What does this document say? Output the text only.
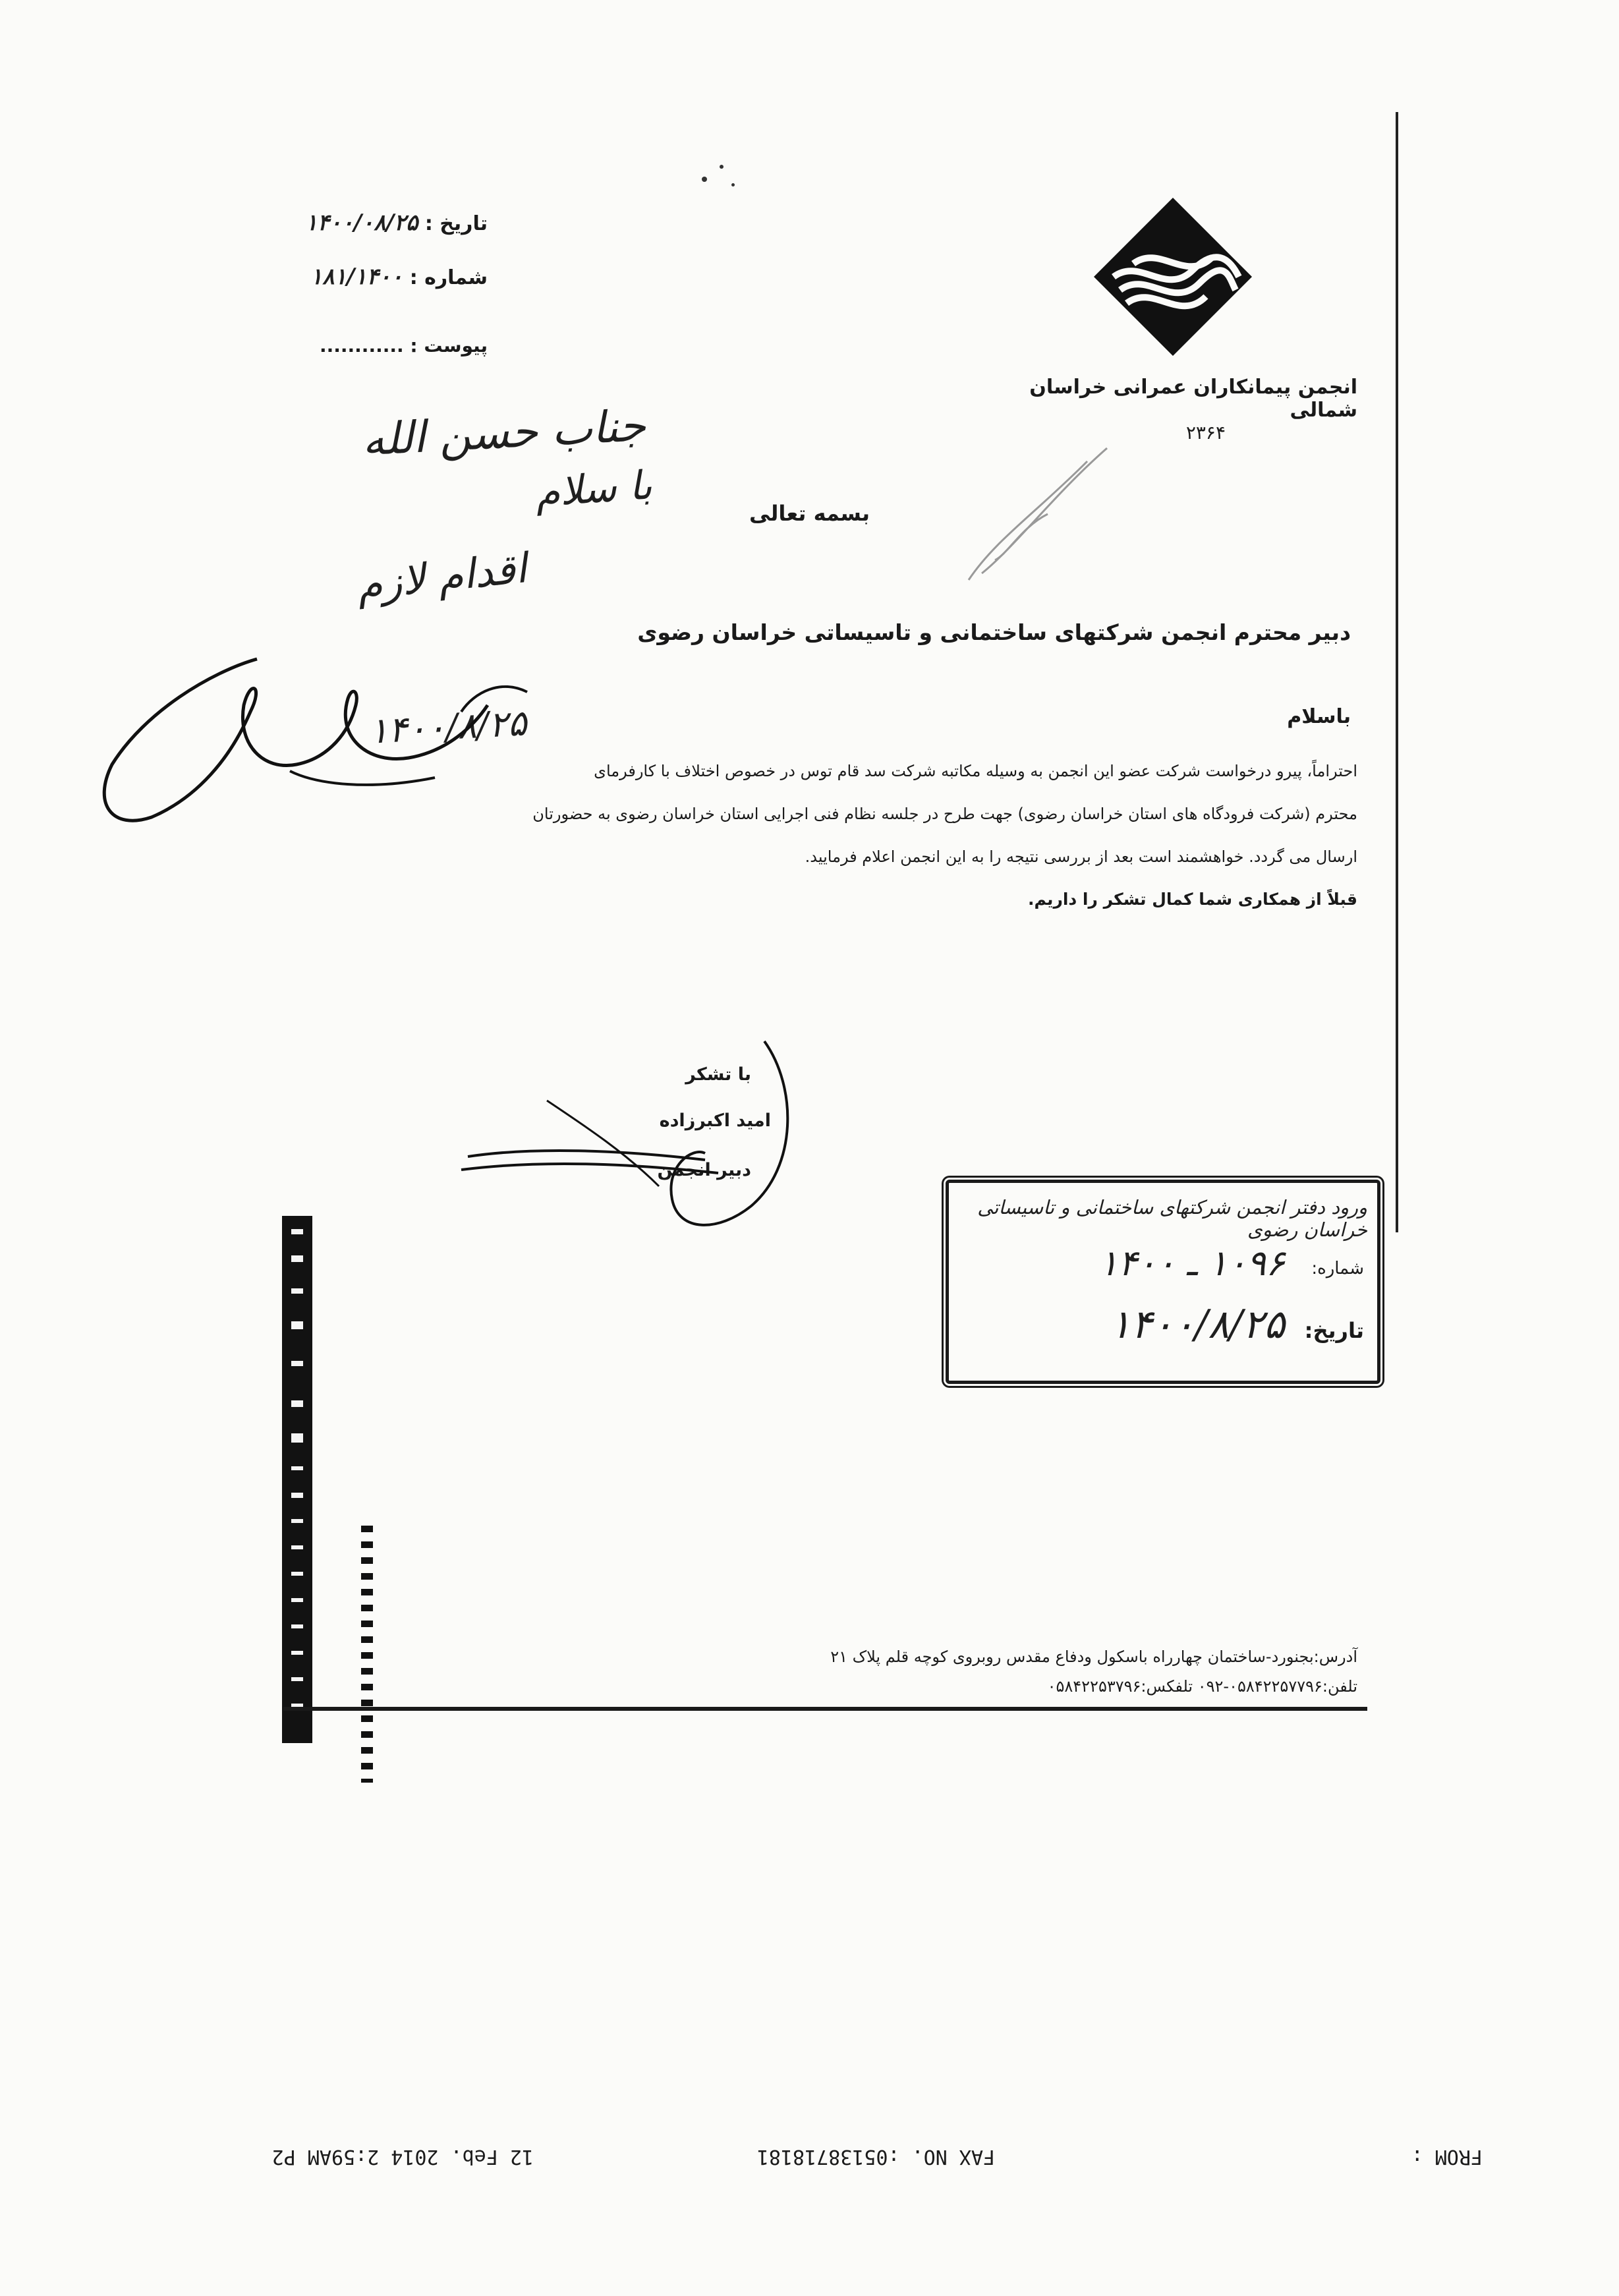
تاریخ : ۱۴۰۰/۰۸/۲۵
شماره : ۱۸۱/۱۴۰۰
پیوست : ............
انجمن پیمانکاران عمرانی خراسان شمالی
۲۳۶۴
بسمه تعالی
جناب حسن الله
با سلام
اقدام لازم
۱۴۰۰/۸/۲۵
دبیر محترم انجمن شرکتهای ساختمانی و تاسیساتی خراسان رضوی
باسلام
احتراماً، پیرو درخواست شرکت عضو این انجمن به وسیله مکاتبه شرکت سد قام توس در خصوص اختلاف با کارفرمای
محترم (شرکت فرودگاه های استان خراسان رضوی) جهت طرح در جلسه نظام فنی اجرایی استان خراسان رضوی به حضورتان
ارسال می گردد. خواهشمند است بعد از بررسی نتیجه را به این انجمن اعلام فرمایید.
قبلاً از همکاری شما کمال تشکر را داریم.
با تشکر
امید اکبرزاده
دبیر انجمن
ورود دفتر انجمن شرکتهای ساختمانی و تاسیساتی خراسان رضوی
شماره:
۱۰۹۶ ـ ۱۴۰۰
تاریخ:
۱۴۰۰/۸/۲۵
آدرس:بجنورد-ساختمان چهارراه باسکول ودفاع مقدس روبروی کوچه قلم پلاک ۲۱
تلفن:۰۵۸۴۲۲۵۷۷۹۶-۰۹۲ تلفکس:۰۵۸۴۲۲۵۳۷۹۶
FROM :
FAX NO. :05138718181
12 Feb. 2014 2:59AM P2
